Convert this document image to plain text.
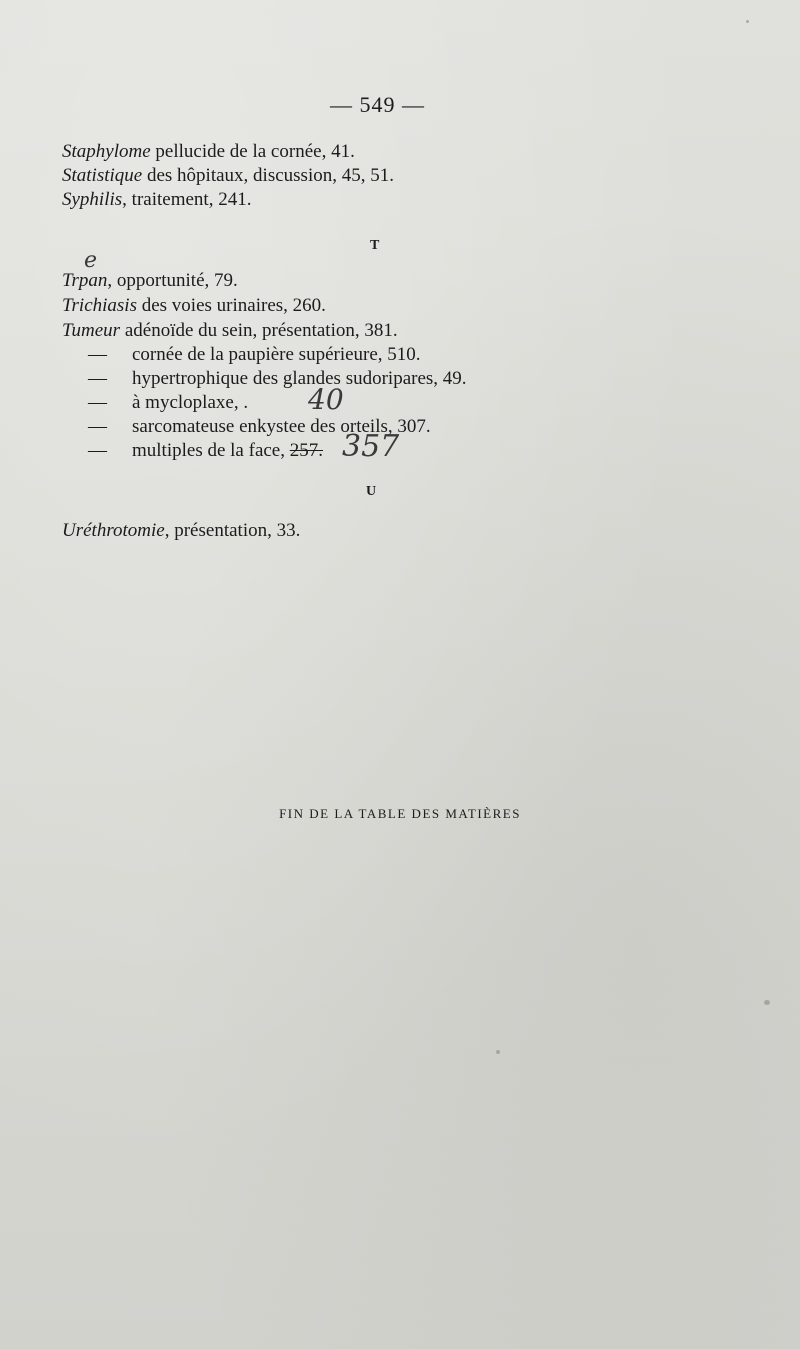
— 549 —
Staphylome pellucide de la cornée, 41.
Statistique des hôpitaux, discussion, 45, 51.
Syphilis, traitement, 241.
T
e
Trpan, opportunité, 79.
Trichiasis des voies urinaires, 260.
Tumeur adénoïde du sein, présentation, 381.
— cornée de la paupière supérieure, 510.
— hypertrophique des glandes sudoripares, 49.
— à mycloplaxe, . 40
— sarcomateuse enkystee des orteils, 307.
— multiples de la face, 257. 357
U
Uréthrotomie, présentation, 33.
FIN DE LA TABLE DES MATIÈRES
